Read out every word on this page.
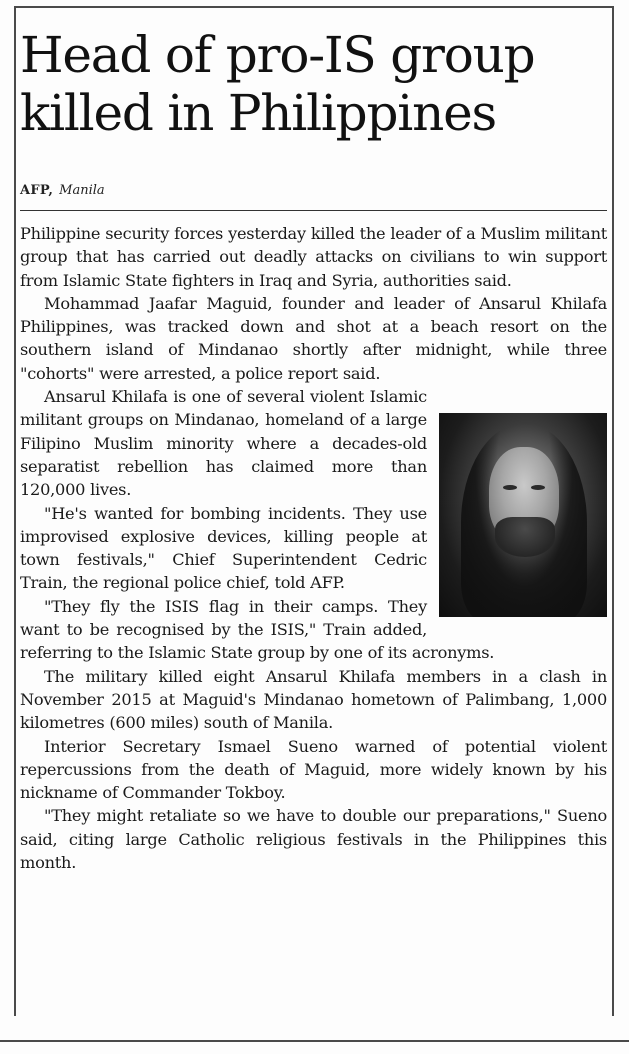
Head of pro-IS group killed in Philippines
AFP, Manila

Philippine security forces yesterday killed the leader of a Muslim militant group that has carried out deadly attacks on civilians to win support from Islamic State fighters in Iraq and Syria, authorities said.

Mohammad Jaafar Maguid, founder and leader of Ansarul Khilafa Philippines, was tracked down and shot at a beach resort on the southern island of Mindanao shortly after midnight, while three "cohorts" were arrested, a police report said.

Ansarul Khilafa is one of several violent Islamic militant groups on Mindanao, homeland of a large Filipino Muslim minority where a decades-old separatist rebellion has claimed more than 120,000 lives.

"He's wanted for bombing incidents. They use improvised explosive devices, killing people at town festivals," Chief Superintendent Cedric Train, the regional police chief, told AFP.

"They fly the ISIS flag in their camps. They want to be recognised by the ISIS," Train added, referring to the Islamic State group by one of its acronyms.

The military killed eight Ansarul Khilafa members in a clash in November 2015 at Maguid's Mindanao hometown of Palimbang, 1,000 kilometres (600 miles) south of Manila.

Interior Secretary Ismael Sueno warned of potential violent repercussions from the death of Maguid, more widely known by his nickname of Commander Tokboy.

"They might retaliate so we have to double our preparations," Sueno said, citing large Catholic religious festivals in the Philippines this month.
